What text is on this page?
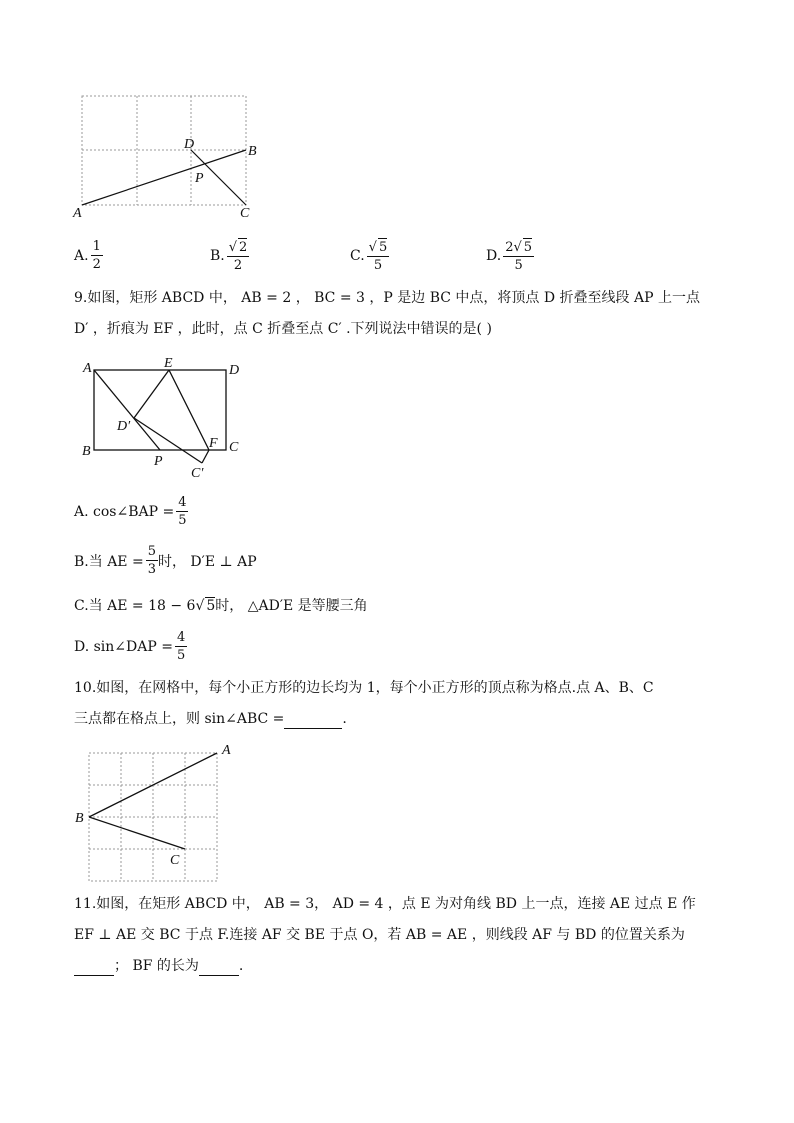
A
B
C
D
P
A. $\frac{1}{2}$	B. $\frac{√ 2}{2}$	C. $\frac{√ 5}{5}$	D. $\frac{2√ 5}{5}$
9.如图，矩形 ABCD 中， AB = 2 ， BC = 3 ，P 是边 BC 中点，将顶点 D 折叠至线段 AP 上一点
D′ ，折痕为 EF ，此时，点 C 折叠至点 C′ .下列说法中错误的是( )
A	E	D
D′
F C
B
P
C′
A. cos∠BAP = $\frac{4}{5}$
B.当 AE = $\frac{5}{3}$ 时， D′E ⊥ AP
C.当 AE = 18 − 6 √ 5 时， △AD′E 是等腰三角
D. sin∠DAP = $\frac{4}{5}$
10.如图，在网格中，每个小正方形的边长均为 1，每个小正方形的顶点称为格点.点 A、B、C
三点都在格点上，则 sin∠ABC =	.
A
B
C
11.如图，在矩形 ABCD 中， AB = 3， AD = 4 ，点 E 为对角线 BD 上一点，连接 AE 过点 E 作
EF ⊥ AE 交 BC 于点 F.连接 AF 交 BE 于点 O，若 AB = AE ，则线段 AF 与 BD 的位置关系为
； BF 的长为	.
